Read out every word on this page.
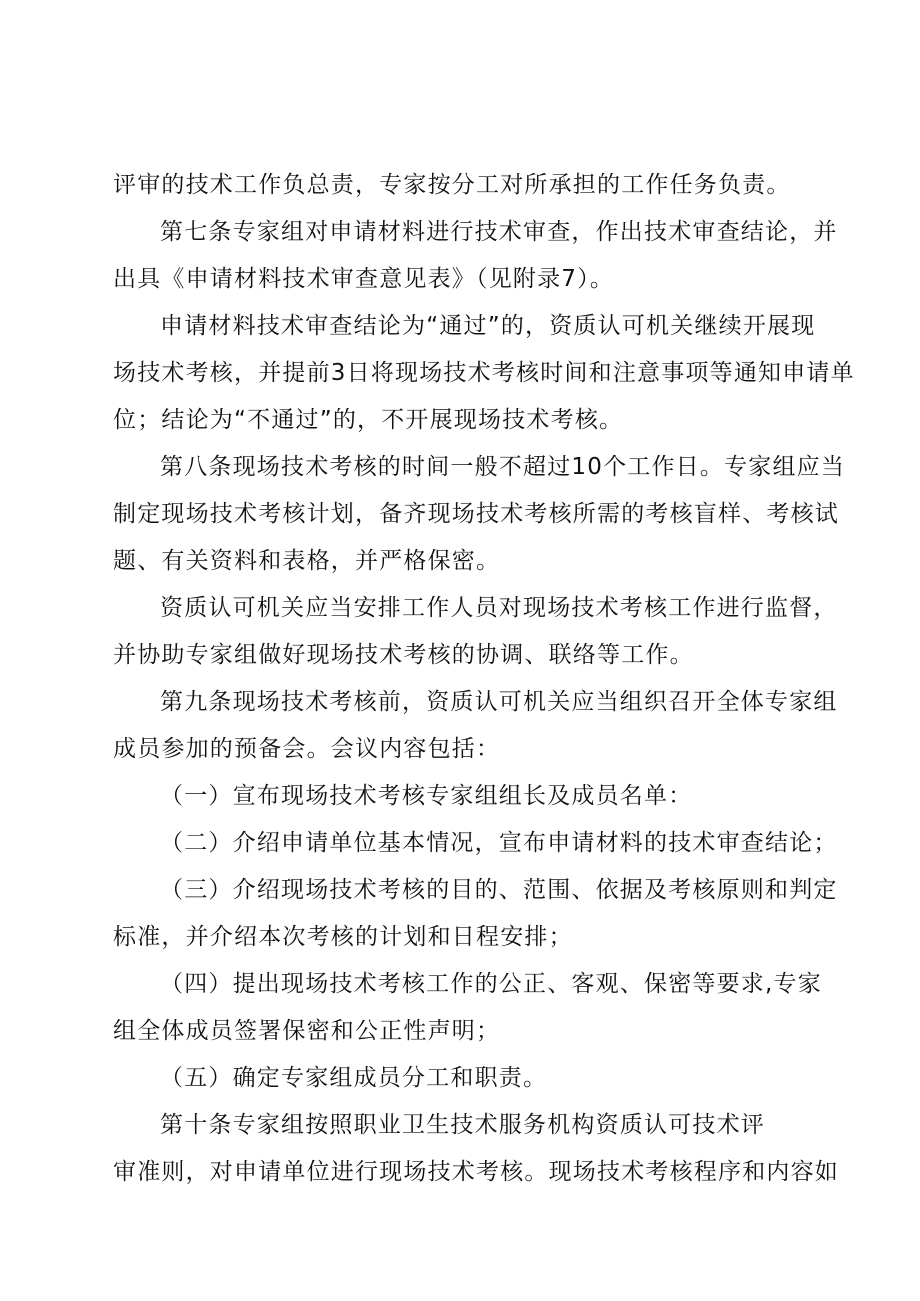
评审的技术工作负总责，专家按分工对所承担的工作任务负责。
第七条专家组对申请材料进行技术审查，作出技术审查结论，并
出具《申请材料技术审查意见表》（见附录7）。
申请材料技术审查结论为“通过”的，资质认可机关继续开展现
场技术考核，并提前3日将现场技术考核时间和注意事项等通知申请单
位；结论为“不通过”的，不开展现场技术考核。
第八条现场技术考核的时间一般不超过10个工作日。专家组应当
制定现场技术考核计划，备齐现场技术考核所需的考核盲样、考核试
题、有关资料和表格，并严格保密。
资质认可机关应当安排工作人员对现场技术考核工作进行监督，
并协助专家组做好现场技术考核的协调、联络等工作。
第九条现场技术考核前，资质认可机关应当组织召开全体专家组
成员参加的预备会。会议内容包括：
（一）宣布现场技术考核专家组组长及成员名单：
（二）介绍申请单位基本情况，宣布申请材料的技术审查结论；
（三）介绍现场技术考核的目的、范围、依据及考核原则和判定
标准，并介绍本次考核的计划和日程安排；
（四）提出现场技术考核工作的公正、客观、保密等要求,专家
组全体成员签署保密和公正性声明；
（五）确定专家组成员分工和职责。
第十条专家组按照职业卫生技术服务机构资质认可技术评
审准则，对申请单位进行现场技术考核。现场技术考核程序和内容如
